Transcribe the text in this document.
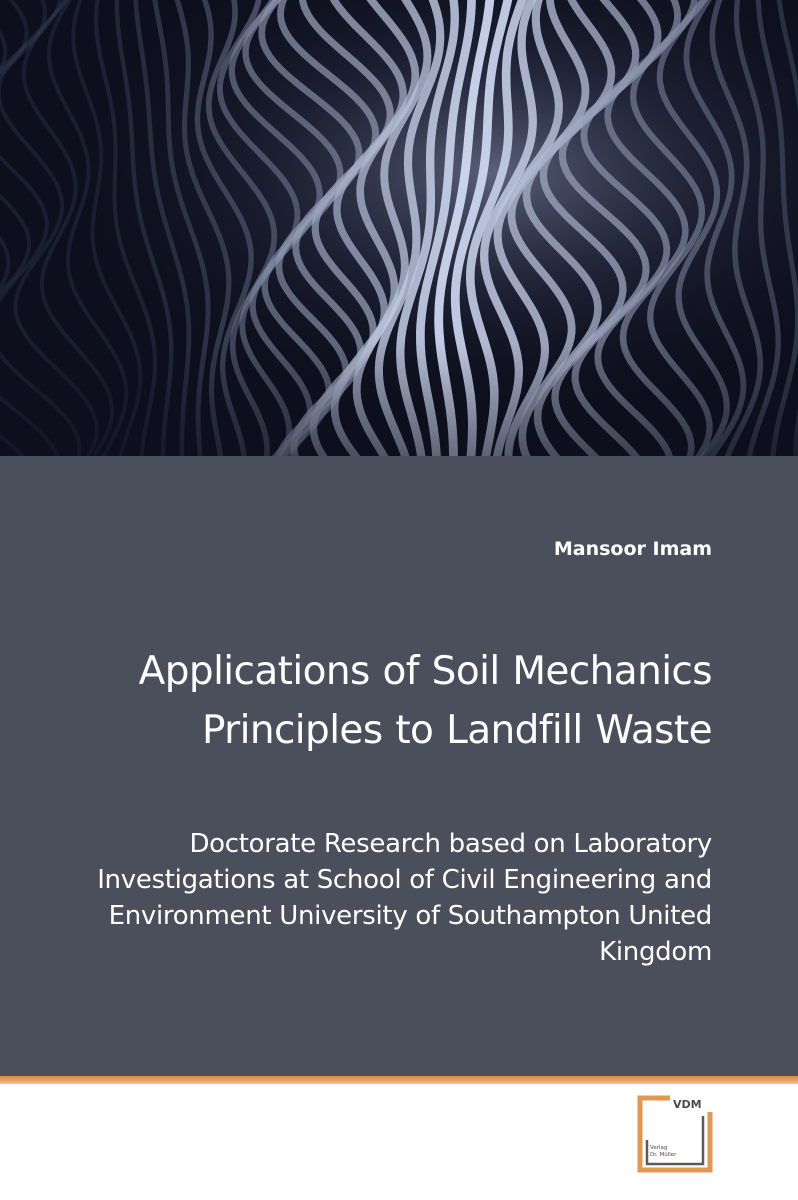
Mansoor Imam
Applications of Soil Mechanics Principles to Landfill Waste

Doctorate Research based on Laboratory Investigations at School of Civil Engineering and Environment University of Southampton United Kingdom

VDM
Verlag
Dr. Müller
